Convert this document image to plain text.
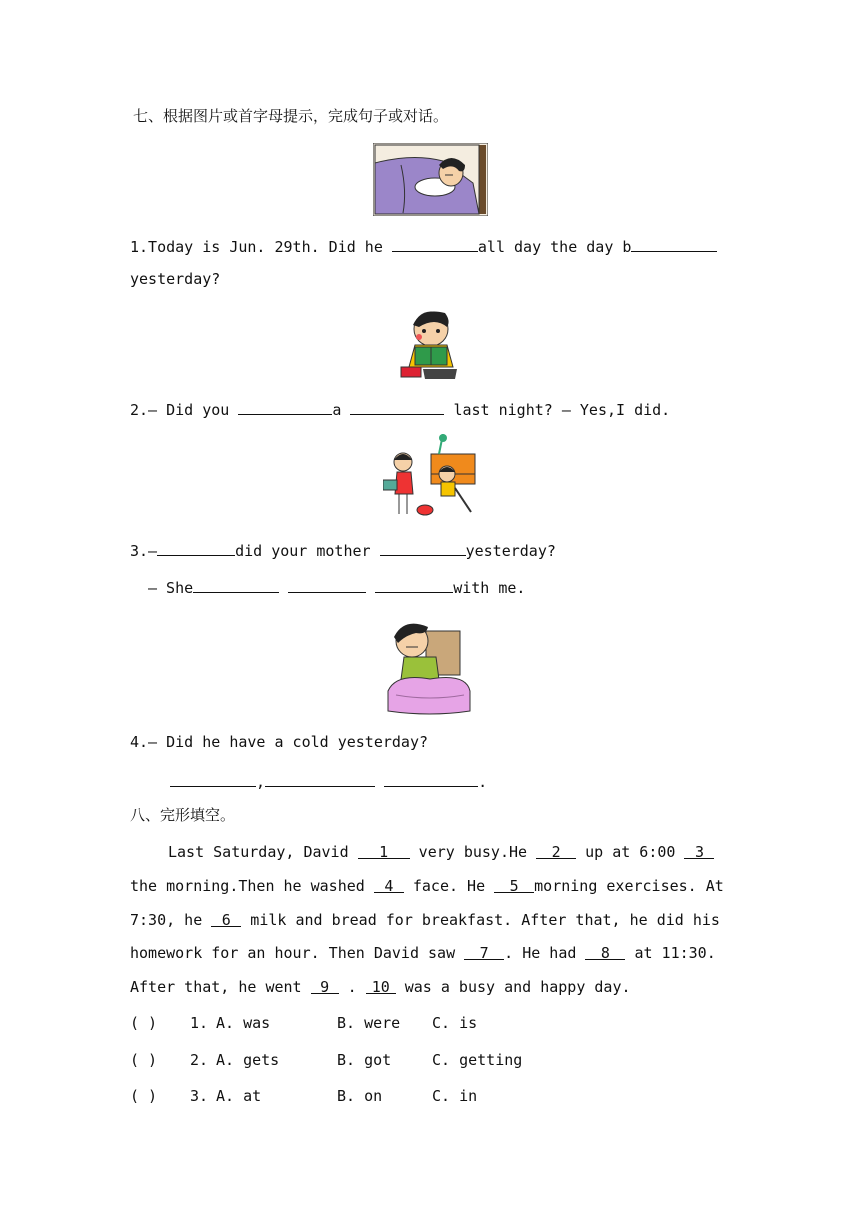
七、根据图片或首字母提示，完成句子或对话。
1.Today is Jun. 29th. Did he	all day the day b
yesterday?
2.— Did you	a	last night? — Yes,I did.
3.—	did your mother	yesterday?
— She	with me.
4.— Did he have a cold yesterday?
,	.
八、完形填空。
Last Saturday, David 1 very busy.He 2 up at 6:00 3
the morning.Then he washed 4 face. He 5 morning exercises. At
7:30, he 6 milk and bread for breakfast. After that, he did his
homework for an hour. Then David saw 7 . He had 8 at 11:30.
After that, he went 9 . 10 was a busy and happy day.
( ) 1. A. was	B. were C. is
( ) 2. A. gets	B. got	C. getting
( ) 3. A. at	B. on	C. in
